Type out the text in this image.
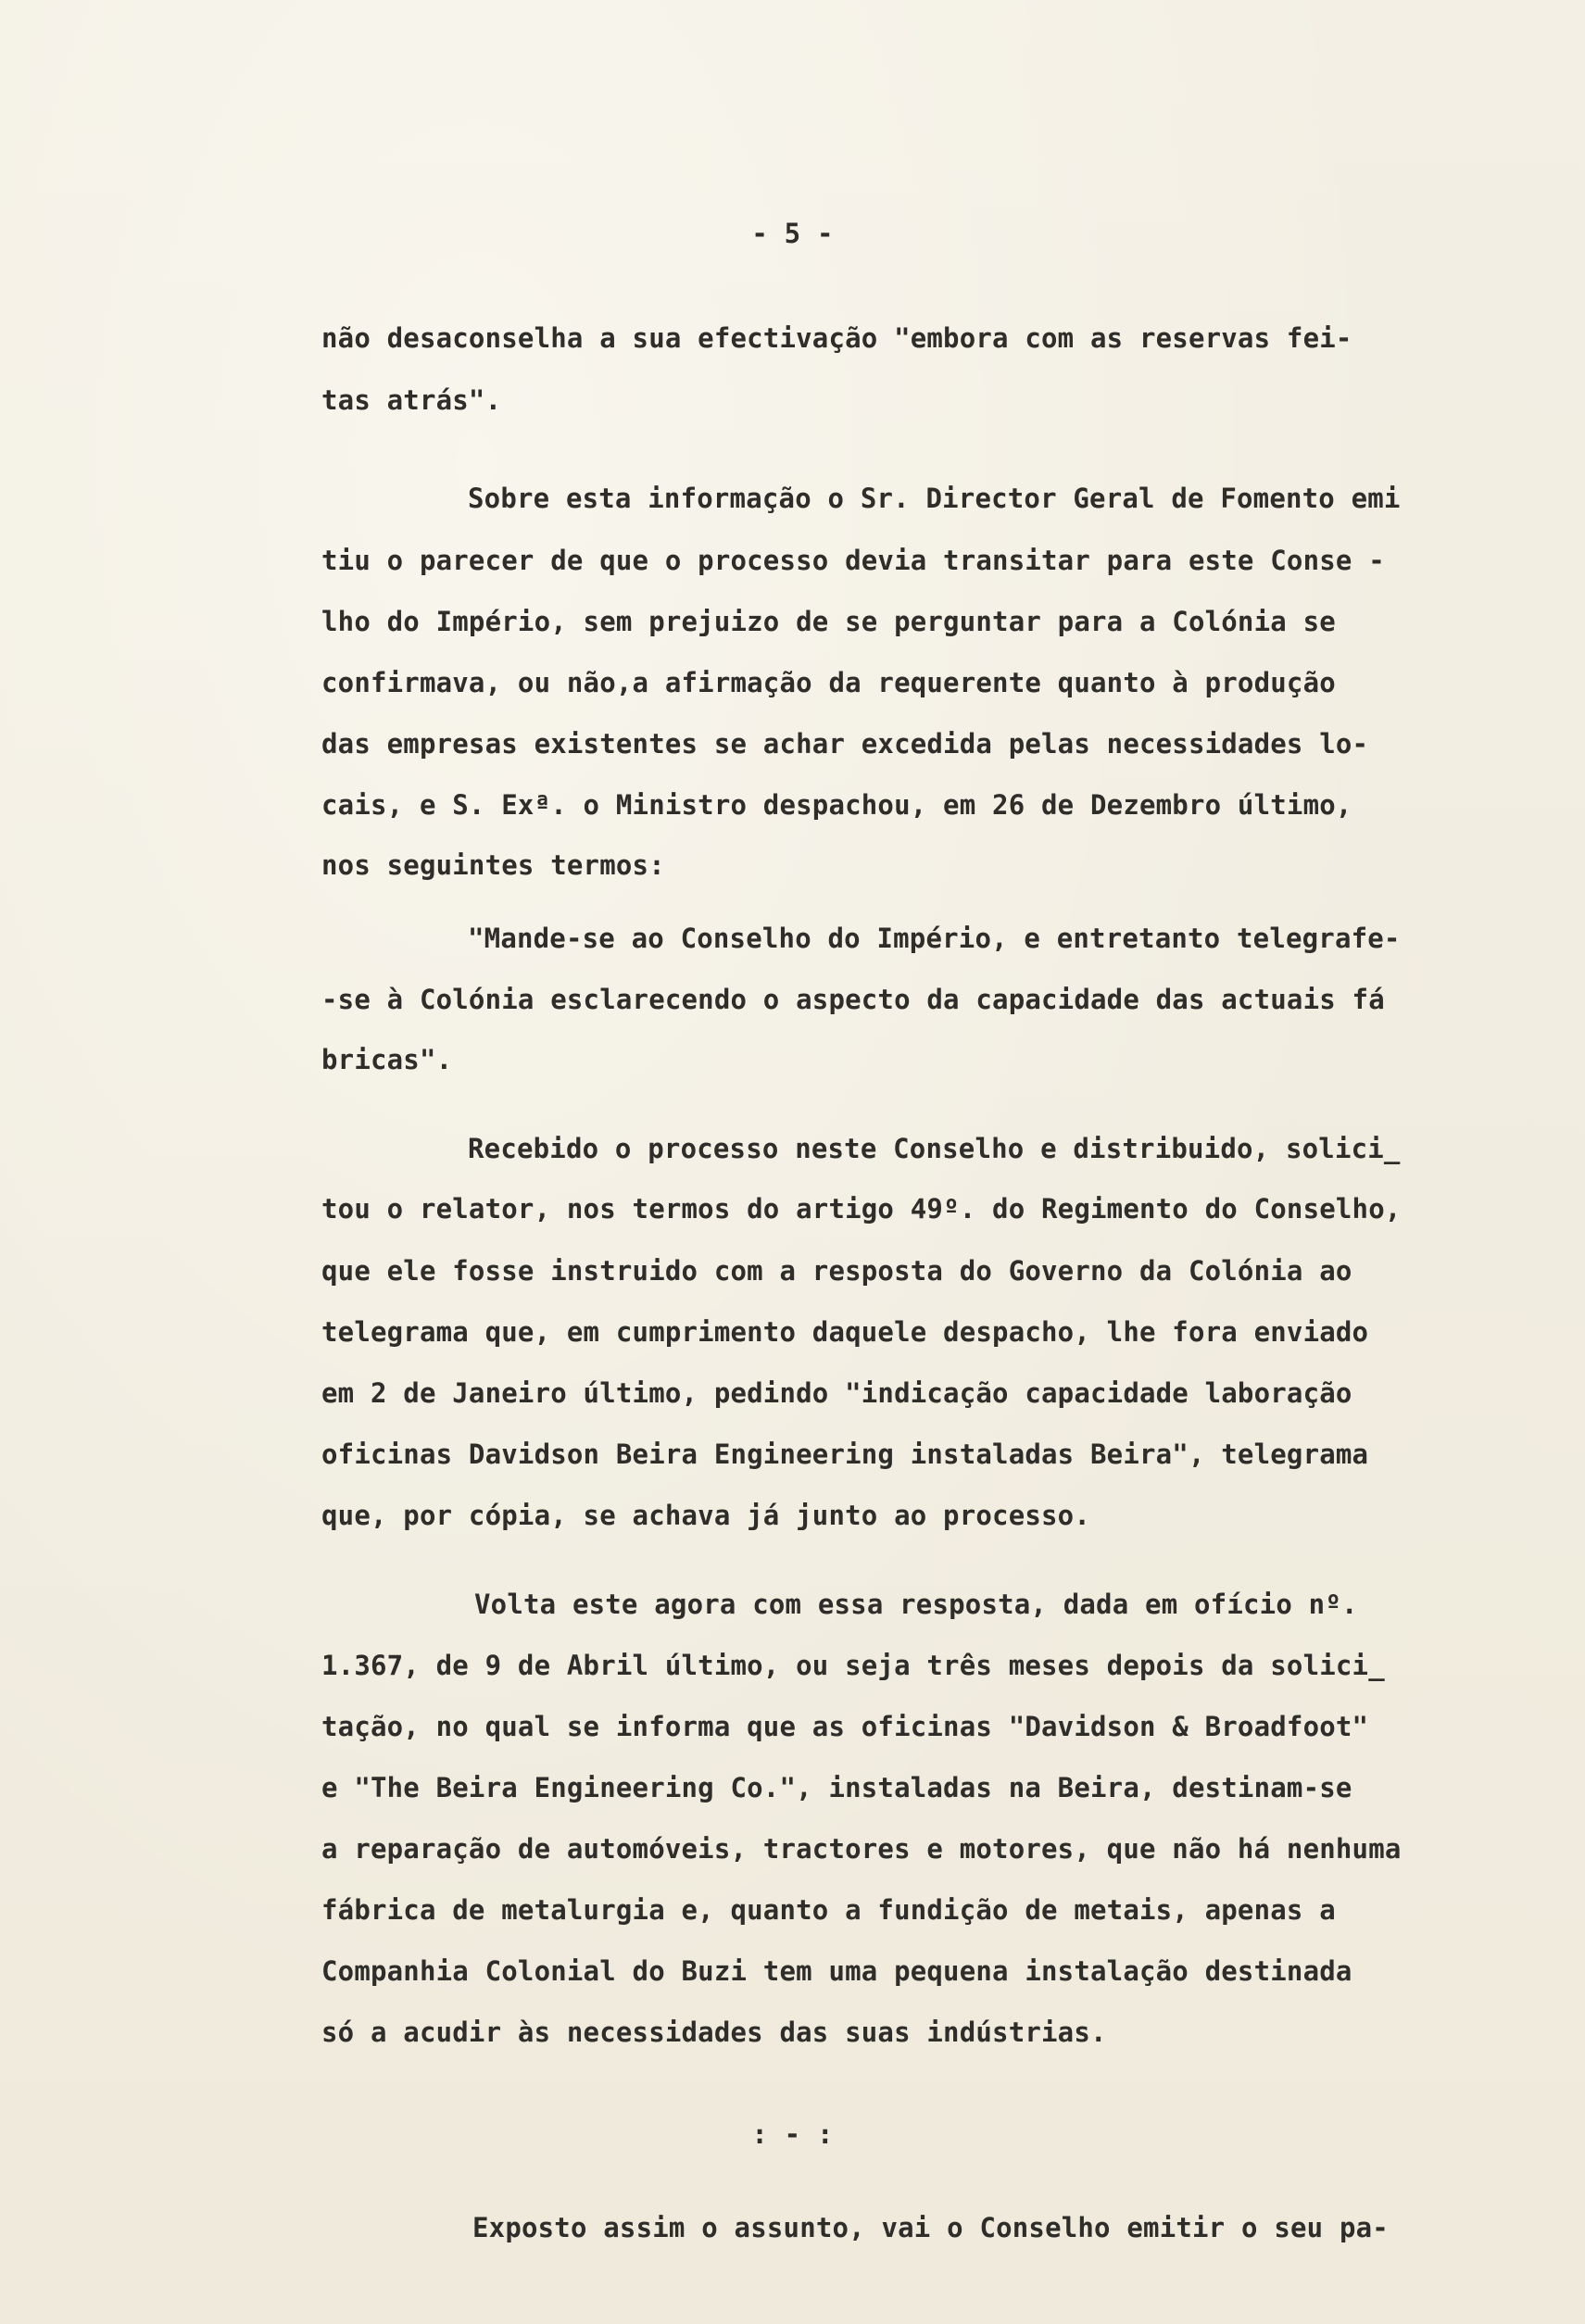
- 5 -
não desaconselha a sua efectivação "embora com as reservas fei-
tas atrás".
Sobre esta informação o Sr. Director Geral de Fomento emi
tiu o parecer de que o processo devia transitar para este Conse -
lho do Império, sem prejuizo de se perguntar para a Colónia se
confirmava, ou não,a afirmação da requerente quanto à produção
das empresas existentes se achar excedida pelas necessidades lo-
cais, e S. Exª. o Ministro despachou, em 26 de Dezembro último,
nos seguintes termos:
"Mande-se ao Conselho do Império, e entretanto telegrafe-
-se à Colónia esclarecendo o aspecto da capacidade das actuais fá
bricas".
Recebido o processo neste Conselho e distribuido, solici_
tou o relator, nos termos do artigo 49º. do Regimento do Conselho,
que ele fosse instruido com a resposta do Governo da Colónia ao
telegrama que, em cumprimento daquele despacho, lhe fora enviado
em 2 de Janeiro último, pedindo "indicação capacidade laboração
oficinas Davidson Beira Engineering instaladas Beira", telegrama
que, por cópia, se achava já junto ao processo.
Volta este agora com essa resposta, dada em ofício nº.
1.367, de 9 de Abril último, ou seja três meses depois da solici_
tação, no qual se informa que as oficinas "Davidson & Broadfoot"
e "The Beira Engineering Co.", instaladas na Beira, destinam-se
a reparação de automóveis, tractores e motores, que não há nenhuma
fábrica de metalurgia e, quanto a fundição de metais, apenas a
Companhia Colonial do Buzi tem uma pequena instalação destinada
só a acudir às necessidades das suas indústrias.
: - :
Exposto assim o assunto, vai o Conselho emitir o seu pa-
